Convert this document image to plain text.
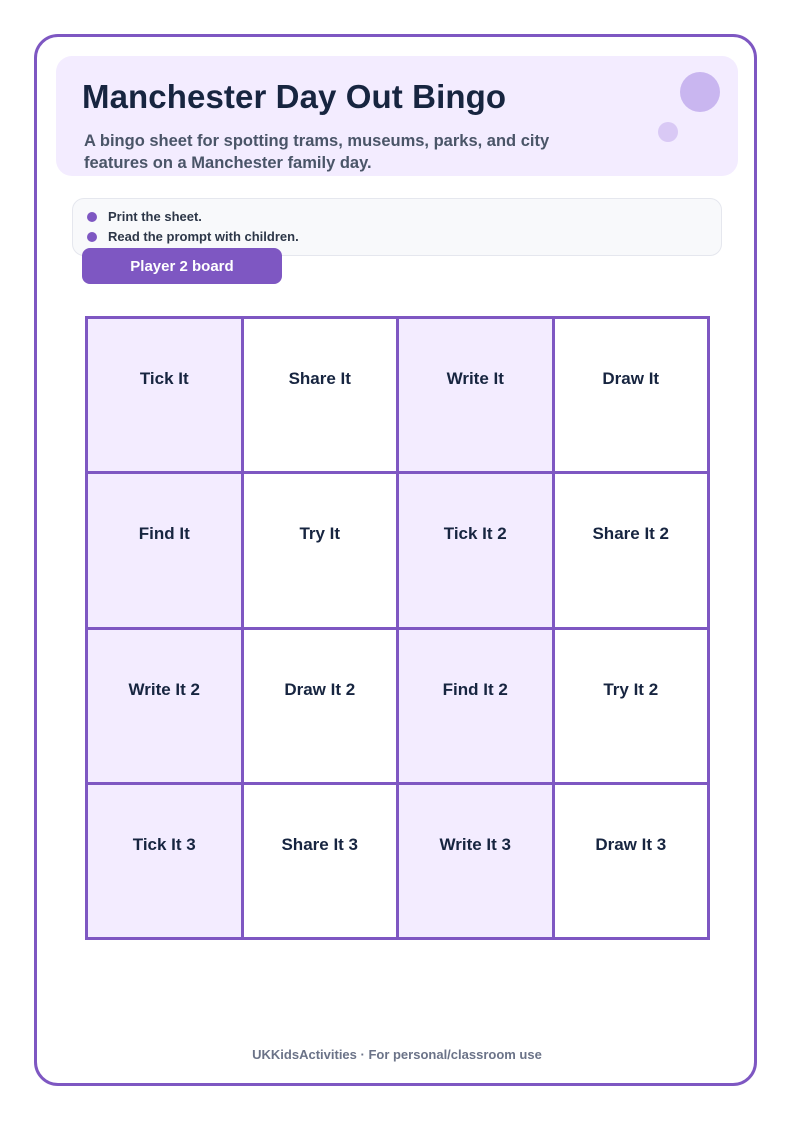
Manchester Day Out Bingo

A bingo sheet for spotting trams, museums, parks, and city features on a Manchester family day.

Print the sheet.
Read the prompt with children.
Player 2 board
Tick It	Share It	Write It	Draw It
Find It	Try It	Tick It 2	Share It 2
Write It 2	Draw It 2	Find It 2	Try It 2
Tick It 3	Share It 3	Write It 3	Draw It 3
UKKidsActivities · For personal/classroom use
